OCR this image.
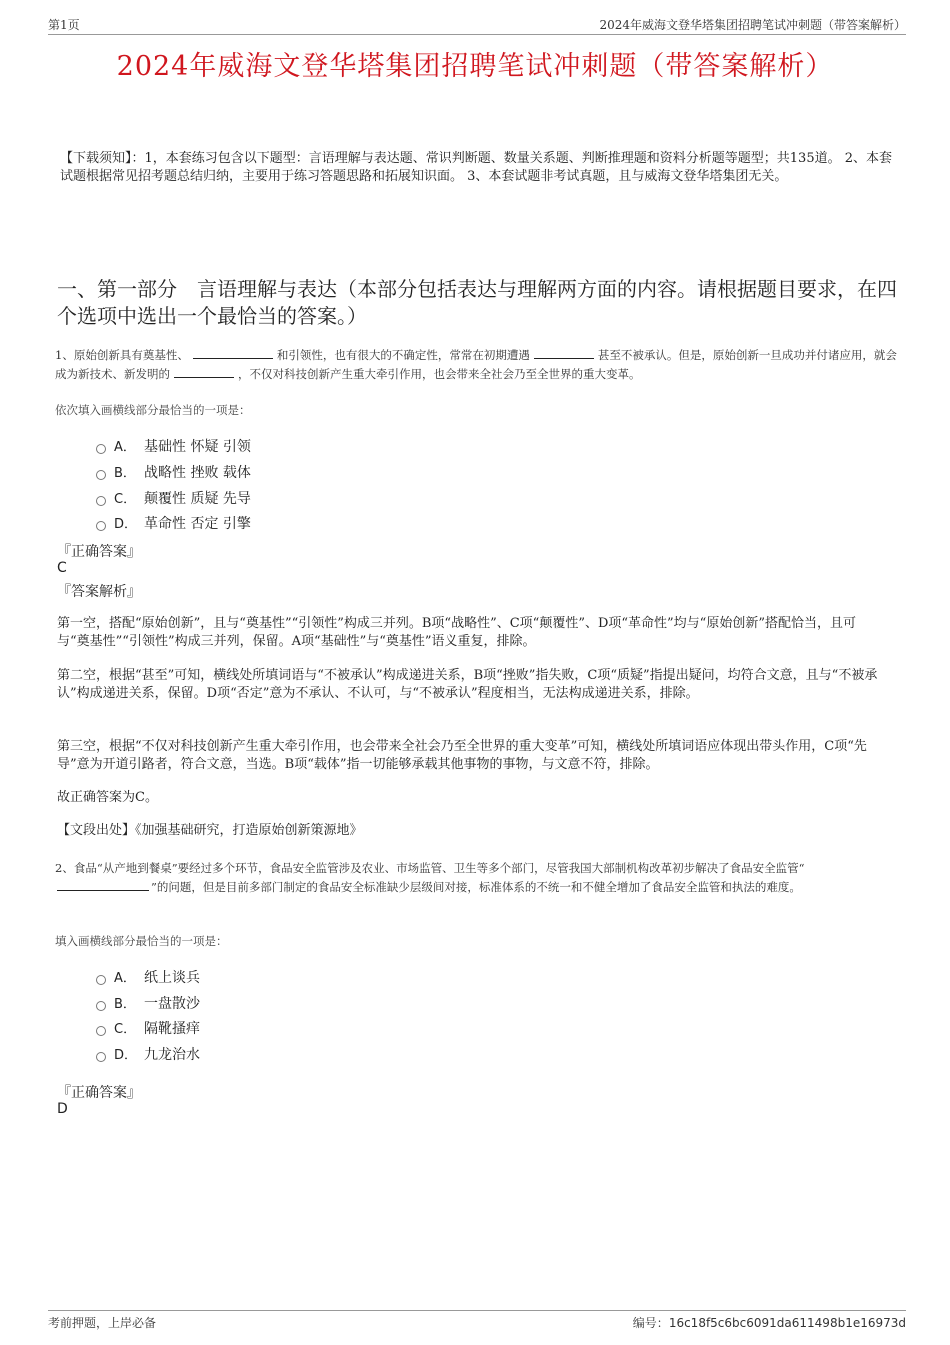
第1页	2024年威海文登华塔集团招聘笔试冲刺题（带答案解析）
2024年威海文登华塔集团招聘笔试冲刺题（带答案解析）
【下载须知】：1，本套练习包含以下题型：言语理解与表达题、常识判断题、数量关系题、判断推理题和资料分析题等题型；共135道。 2、本套试题根据常见招考题总结归纳，主要用于练习答题思路和拓展知识面。 3、本套试题非考试真题，且与威海文登华塔集团无关。
一、第一部分　言语理解与表达（本部分包括表达与理解两方面的内容。请根据题目要求，在四个选项中选出一个最恰当的答案。）
1、原始创新具有奠基性、	和引领性，也有很大的不确定性，常常在初期遭遇	甚至不被承认。但是，原始创新一旦成功并付诸应用，就会成为新技术、新发明的	，不仅对科技创新产生重大牵引作用，也会带来全社会乃至全世界的重大变革。
依次填入画横线部分最恰当的一项是：
A． 基础性 怀疑 引领
B． 战略性 挫败 载体
C． 颠覆性 质疑 先导
D． 革命性 否定 引擎
『正确答案』
C
『答案解析』
第一空，搭配“原始创新”，且与“奠基性”“引领性”构成三并列。B项“战略性”、C项“颠覆性”、D项“革命性”均与“原始创新”搭配恰当，且可与“奠基性”“引领性”构成三并列，保留。A项“基础性”与“奠基性”语义重复，排除。
第二空，根据“甚至”可知，横线处所填词语与“不被承认”构成递进关系，B项“挫败”指失败，C项“质疑”指提出疑问，均符合文意，且与“不被承认”构成递进关系，保留。D项“否定”意为不承认、不认可，与“不被承认”程度相当，无法构成递进关系，排除。
第三空，根据“不仅对科技创新产生重大牵引作用，也会带来全社会乃至全世界的重大变革”可知，横线处所填词语应体现出带头作用，C项“先导”意为开道引路者，符合文意，当选。B项“载体”指一切能够承载其他事物的事物，与文意不符，排除。
故正确答案为C。
【文段出处】《加强基础研究，打造原始创新策源地》
2、食品“从产地到餐桌”要经过多个环节，食品安全监管涉及农业、市场监管、卫生等多个部门，尽管我国大部制机构改革初步解决了食品安全监管“”的问题，但是目前多部门制定的食品安全标准缺少层级间对接，标准体系的不统一和不健全增加了食品安全监管和执法的难度。
填入画横线部分最恰当的一项是：
A． 纸上谈兵
B． 一盘散沙
C． 隔靴搔痒
D． 九龙治水
『正确答案』
D
考前押题，上岸必备	编号：16c18f5c6bc6091da611498b1e16973d
